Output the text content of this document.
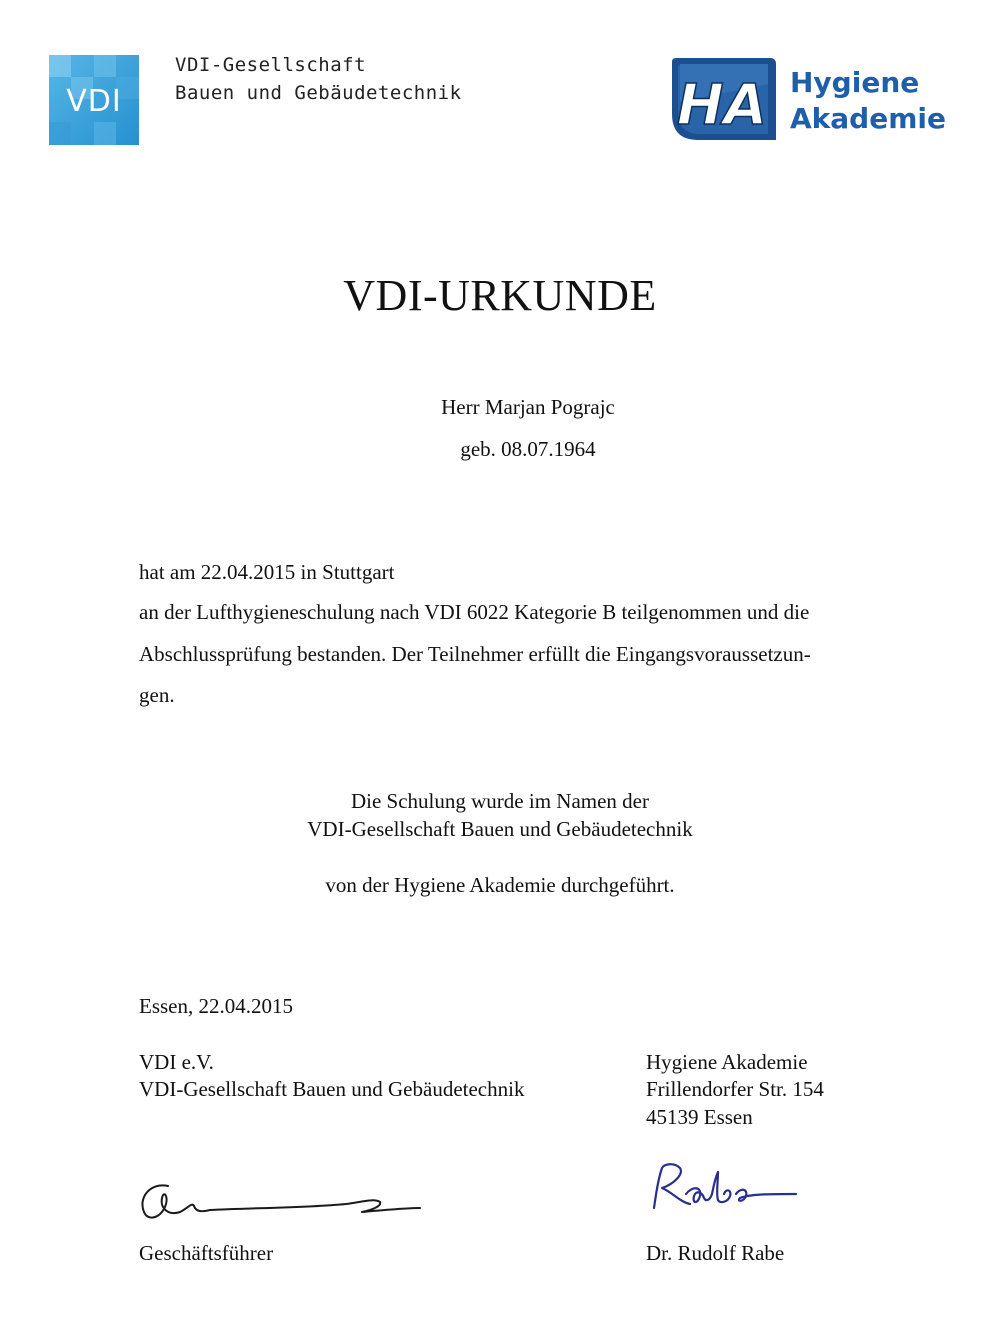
VDI
VDI-Gesellschaft
Bauen und Gebäudetechnik	HA Hygiene
Akademie
VDI-URKUNDE
Herr Marjan Pograjc
geb. 08.07.1964
hat am 22.04.2015 in Stuttgart
an der Lufthygieneschulung nach VDI 6022 Kategorie B teilgenommen und die
Abschlussprüfung bestanden. Der Teilnehmer erfüllt die Eingangsvoraussetzun-
gen.
Die Schulung wurde im Namen der
VDI-Gesellschaft Bauen und Gebäudetechnik
von der Hygiene Akademie durchgeführt.
Essen, 22.04.2015
VDI e.V.
VDI-Gesellschaft Bauen und Gebäudetechnik
Hygiene Akademie
Frillendorfer Str. 154
45139 Essen
Geschäftsführer	Dr. Rudolf Rabe
